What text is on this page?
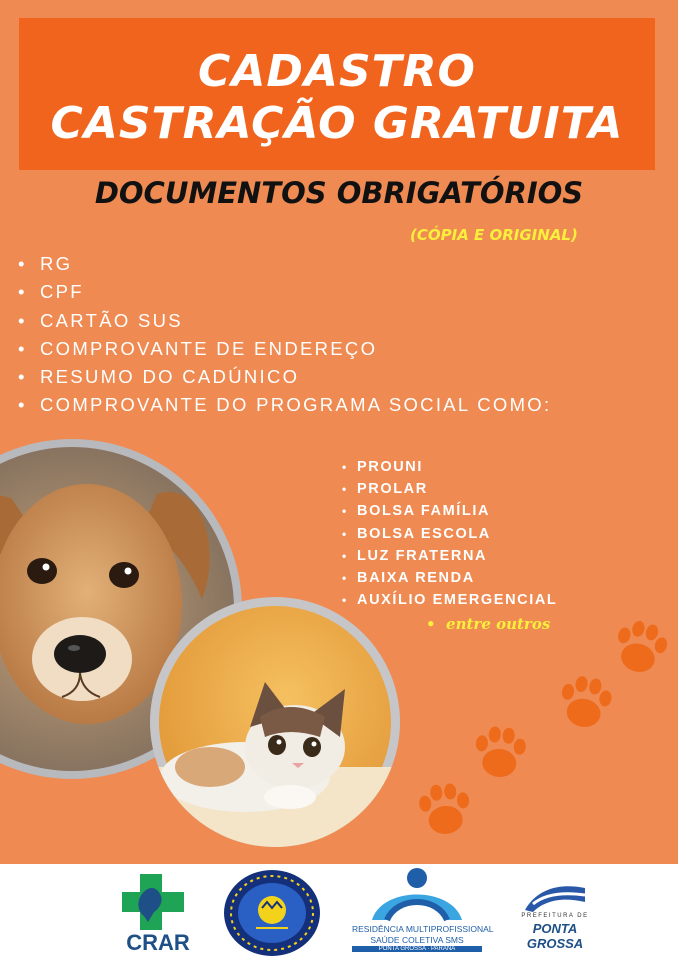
CADASTRO
CASTRAÇÃO GRATUITA
DOCUMENTOS OBRIGATÓRIOS
(CÓPIA E ORIGINAL)
• RG
• CPF
• CARTÃO SUS
• COMPROVANTE DE ENDEREÇO
• RESUMO DO CADÚNICO
• COMPROVANTE DO PROGRAMA SOCIAL COMO:
• PROUNI
• PROLAR
• BOLSA FAMÍLIA
• BOLSA ESCOLA
• LUZ FRATERNA
• BAIXA RENDA
• AUXÍLIO EMERGENCIAL
• entre outros
CRAR
RESIDÊNCIA MULTIPROFISSIONAL
SAÚDE COLETIVA SMS
PONTA GROSSA · PARANÁ
PREFEITURA DE
PONTA GROSSA
